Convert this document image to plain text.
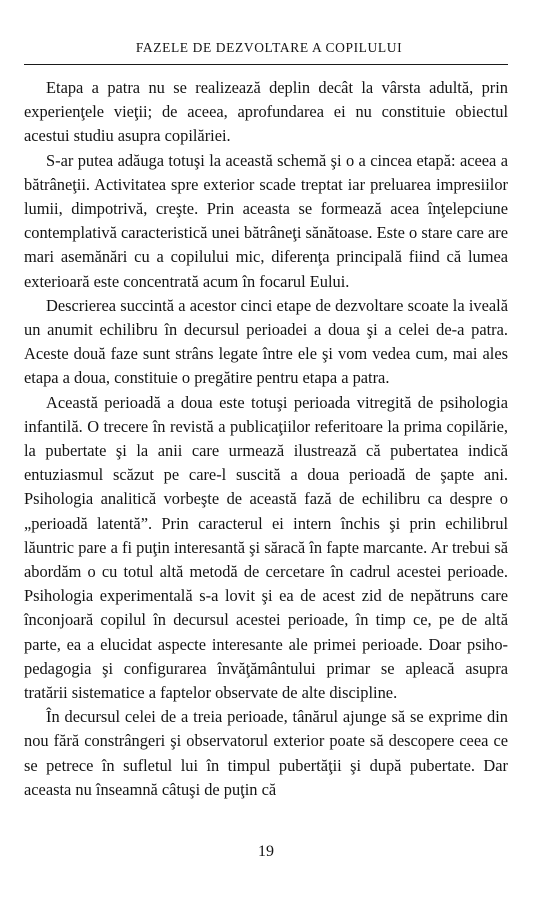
FAZELE DE DEZVOLTARE A COPILULUI

Etapa a patra nu se realizează deplin decât la vârsta adultă, prin experienţele vieţii; de aceea, aprofundarea ei nu constituie obiectul acestui studiu asupra copilăriei.

S-ar putea adăuga totuşi la această schemă şi o a cincea etapă: aceea a bătrâneţii. Activitatea spre exterior scade treptat iar preluarea impresiilor lumii, dimpotrivă, creşte. Prin aceasta se formează acea înţelepciune contemplativă caracteristică unei bătrâneţi sănătoase. Este o stare care are mari asemănări cu a copilului mic, diferenţa principală fiind că lumea exterioară este concentrată acum în focarul Eului.

Descrierea succintă a acestor cinci etape de dezvoltare scoate la iveală un anumit echilibru în decursul perioadei a doua şi a celei de-a patra. Aceste două faze sunt strâns legate între ele şi vom vedea cum, mai ales etapa a doua, constituie o pregătire pentru etapa a patra.

Această perioadă a doua este totuşi perioada vitregită de psihologia infantilă. O trecere în revistă a publicaţiilor referitoare la prima copilărie, la pubertate şi la anii care urmează ilustrează că pubertatea indică entuziasmul scăzut pe care-l suscită a doua perioadă de şapte ani. Psihologia analitică vorbeşte de această fază de echilibru ca despre o „perioadă latentă”. Prin caracterul ei intern închis şi prin echilibrul lăuntric pare a fi puţin interesantă şi săracă în fapte marcante. Ar trebui să abordăm o cu totul altă metodă de cercetare în cadrul acestei perioade. Psihologia experimentală s-a lovit şi ea de acest zid de nepătruns care înconjoară copilul în decursul acestei perioade, în timp ce, pe de altă parte, ea a elucidat aspecte interesante ale primei perioade. Doar psiho-pedagogia şi configurarea învăţământului primar se apleacă asupra tratării sistematice a faptelor observate de alte discipline.

În decursul celei de a treia perioade, tânărul ajunge să se exprime din nou fără constrângeri şi observatorul exterior poate să descopere ceea ce se petrece în sufletul lui în timpul pubertăţii şi după pubertate. Dar aceasta nu înseamnă câtuşi de puţin că

19
